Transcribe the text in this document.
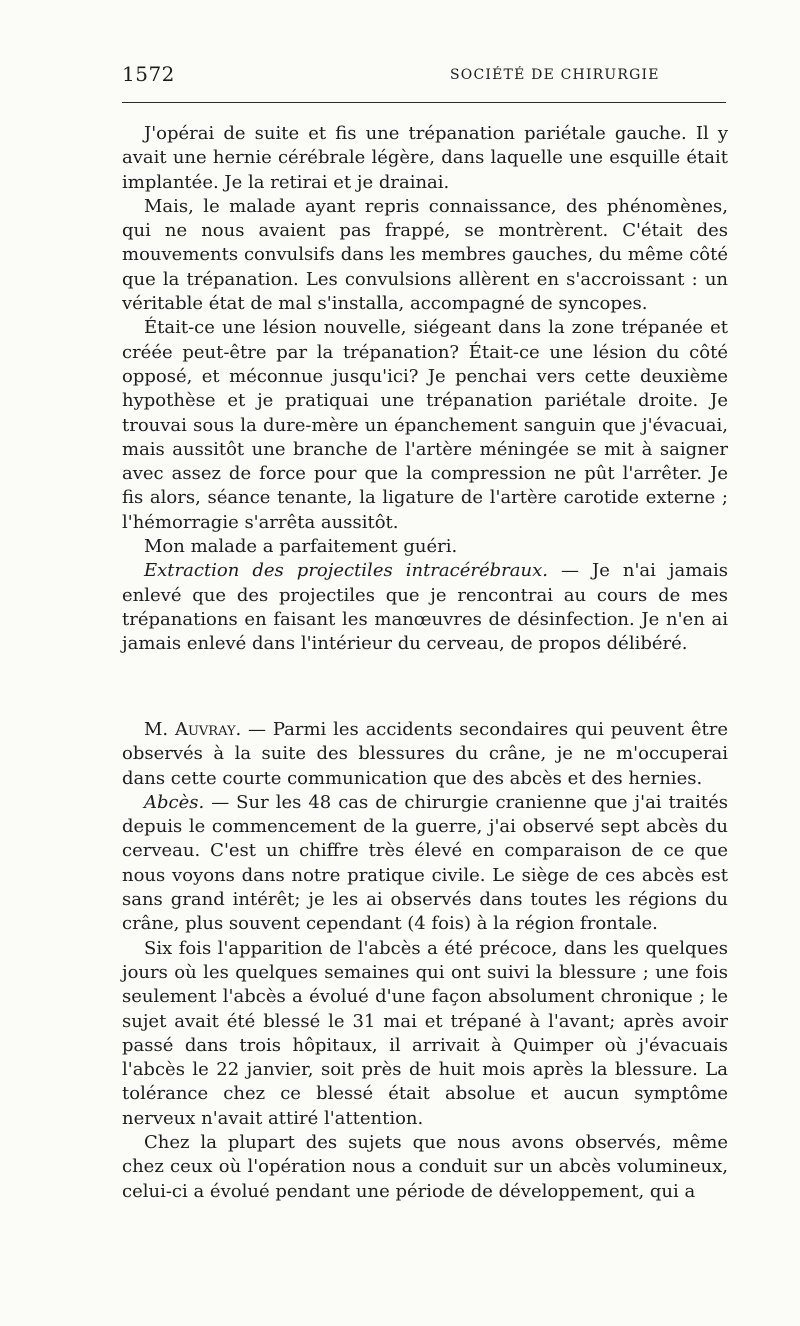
1572	SOCIÉTÉ DE CHIRURGIE

J'opérai de suite et fis une trépanation pariétale gauche. Il y avait une hernie cérébrale légère, dans laquelle une esquille était implantée. Je la retirai et je drainai.

Mais, le malade ayant repris connaissance, des phénomènes, qui ne nous avaient pas frappé, se montrèrent. C'était des mouvements convulsifs dans les membres gauches, du même côté que la trépanation. Les convulsions allèrent en s'accroissant : un véritable état de mal s'installa, accompagné de syncopes.

Était-ce une lésion nouvelle, siégeant dans la zone trépanée et créée peut-être par la trépanation? Était-ce une lésion du côté opposé, et méconnue jusqu'ici? Je penchai vers cette deuxième hypothèse et je pratiquai une trépanation pariétale droite. Je trouvai sous la dure-mère un épanchement sanguin que j'évacuai, mais aussitôt une branche de l'artère méningée se mit à saigner avec assez de force pour que la compression ne pût l'arrêter. Je fis alors, séance tenante, la ligature de l'artère carotide externe ; l'hémorragie s'arrêta aussitôt.

Mon malade a parfaitement guéri.

Extraction des projectiles intracérébraux. — Je n'ai jamais enlevé que des projectiles que je rencontrai au cours de mes trépanations en faisant les manœuvres de désinfection. Je n'en ai jamais enlevé dans l'intérieur du cerveau, de propos délibéré.

M. Auvray. — Parmi les accidents secondaires qui peuvent être observés à la suite des blessures du crâne, je ne m'occuperai dans cette courte communication que des abcès et des hernies.

Abcès. — Sur les 48 cas de chirurgie cranienne que j'ai traités depuis le commencement de la guerre, j'ai observé sept abcès du cerveau. C'est un chiffre très élevé en comparaison de ce que nous voyons dans notre pratique civile. Le siège de ces abcès est sans grand intérêt; je les ai observés dans toutes les régions du crâne, plus souvent cependant (4 fois) à la région frontale.

Six fois l'apparition de l'abcès a été précoce, dans les quelques jours où les quelques semaines qui ont suivi la blessure ; une fois seulement l'abcès a évolué d'une façon absolument chronique ; le sujet avait été blessé le 31 mai et trépané à l'avant; après avoir passé dans trois hôpitaux, il arrivait à Quimper où j'évacuais l'abcès le 22 janvier, soit près de huit mois après la blessure. La tolérance chez ce blessé était absolue et aucun symptôme nerveux n'avait attiré l'attention.

Chez la plupart des sujets que nous avons observés, même chez ceux où l'opération nous a conduit sur un abcès volumineux, celui-ci a évolué pendant une période de développement, qui a
